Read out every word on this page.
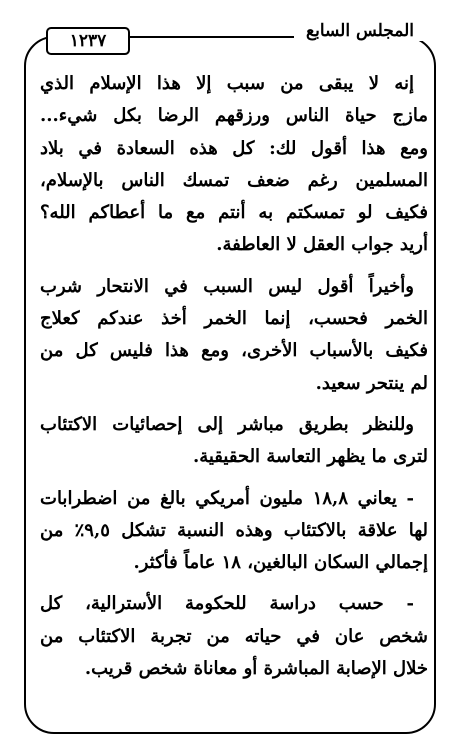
المجلس السابع
١٢٣٧
إنه لا يبقى من سبب إلا هذا الإسلام الذي
مازج حياة الناس ورزقهم الرضا بكل شيء...
ومع هذا أقول لك: كل هذه السعادة في بلاد
المسلمين رغم ضعف تمسك الناس بالإسلام،
فكيف لو تمسكتم به أنتم مع ما أعطاكم الله؟
أريد جواب العقل لا العاطفة.
وأخيراً أقول ليس السبب في الانتحار شرب
الخمر فحسب، إنما الخمر أخذ عندكم كعلاج
فكيف بالأسباب الأخرى، ومع هذا فليس كل من
لم ينتحر سعيد.
وللنظر بطريق مباشر إلى إحصائيات الاكتئاب
لترى ما يظهر التعاسة الحقيقية.
- يعاني ١٨,٨ مليون أمريكي بالغ من اضطرابات
لها علاقة بالاكتئاب وهذه النسبة تشكل ٩,٥٪ من
إجمالي السكان البالغين، ١٨ عاماً فأكثر.
- حسب دراسة للحكومة الأسترالية، كل
شخص عان في حياته من تجربة الاكتئاب من
خلال الإصابة المباشرة أو معاناة شخص قريب.
